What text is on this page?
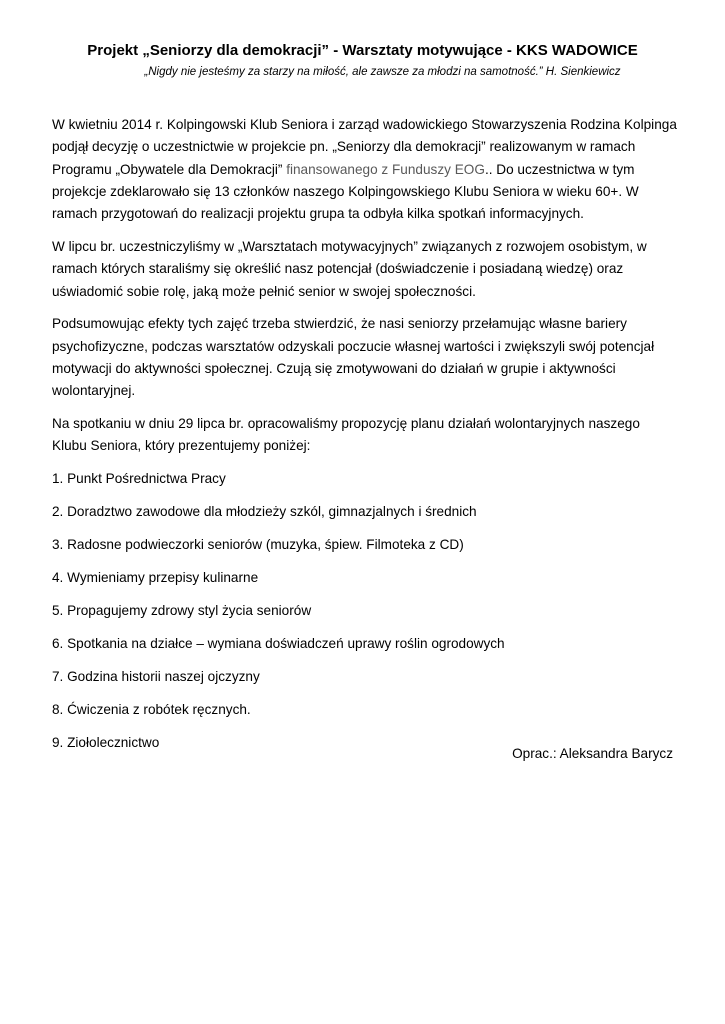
Projekt „Seniorzy dla demokracji” - Warsztaty motywujące - KKS WADOWICE
„Nigdy nie jesteśmy za starzy na miłość, ale zawsze za młodzi na samotność.” H. Sienkiewicz

W kwietniu 2014 r. Kolpingowski Klub Seniora i zarząd wadowickiego Stowarzyszenia Rodzina Kolpinga podjął decyzję o uczestnictwie w projekcie pn. „Seniorzy dla demokracji” realizowanym w ramach Programu „Obywatele dla Demokracji” finansowanego z Funduszy EOG.. Do uczestnictwa w tym projekcje zdeklarowało się 13 członków naszego Kolpingowskiego Klubu Seniora w wieku 60+. W ramach przygotowań do realizacji projektu grupa ta odbyła kilka spotkań informacyjnych.

W lipcu br. uczestniczyliśmy w „Warsztatach motywacyjnych” związanych z rozwojem osobistym, w ramach których staraliśmy się określić nasz potencjał (doświadczenie i posiadaną wiedzę) oraz uświadomić sobie rolę, jaką może pełnić senior w swojej społeczności.

Podsumowując efekty tych zajęć trzeba stwierdzić, że nasi seniorzy przełamując własne bariery psychofizyczne, podczas warsztatów odzyskali poczucie własnej wartości i zwiększyli swój potencjał motywacji do aktywności społecznej. Czują się zmotywowani do działań w grupie i aktywności wolontaryjnej.

Na spotkaniu w dniu 29 lipca br. opracowaliśmy propozycję planu działań wolontaryjnych naszego Klubu Seniora, który prezentujemy poniżej:

1. Punkt Pośrednictwa Pracy
2. Doradztwo zawodowe dla młodzieży szkól, gimnazjalnych i średnich
3. Radosne podwieczorki seniorów (muzyka, śpiew. Filmoteka z CD)
4. Wymieniamy przepisy kulinarne
5. Propagujemy zdrowy styl życia seniorów
6. Spotkania na działce – wymiana doświadczeń uprawy roślin ogrodowych
7. Godzina historii naszej ojczyzny
8. Ćwiczenia z robótek ręcznych.
9. Ziołolecznictwo
Oprac.: Aleksandra Barycz
